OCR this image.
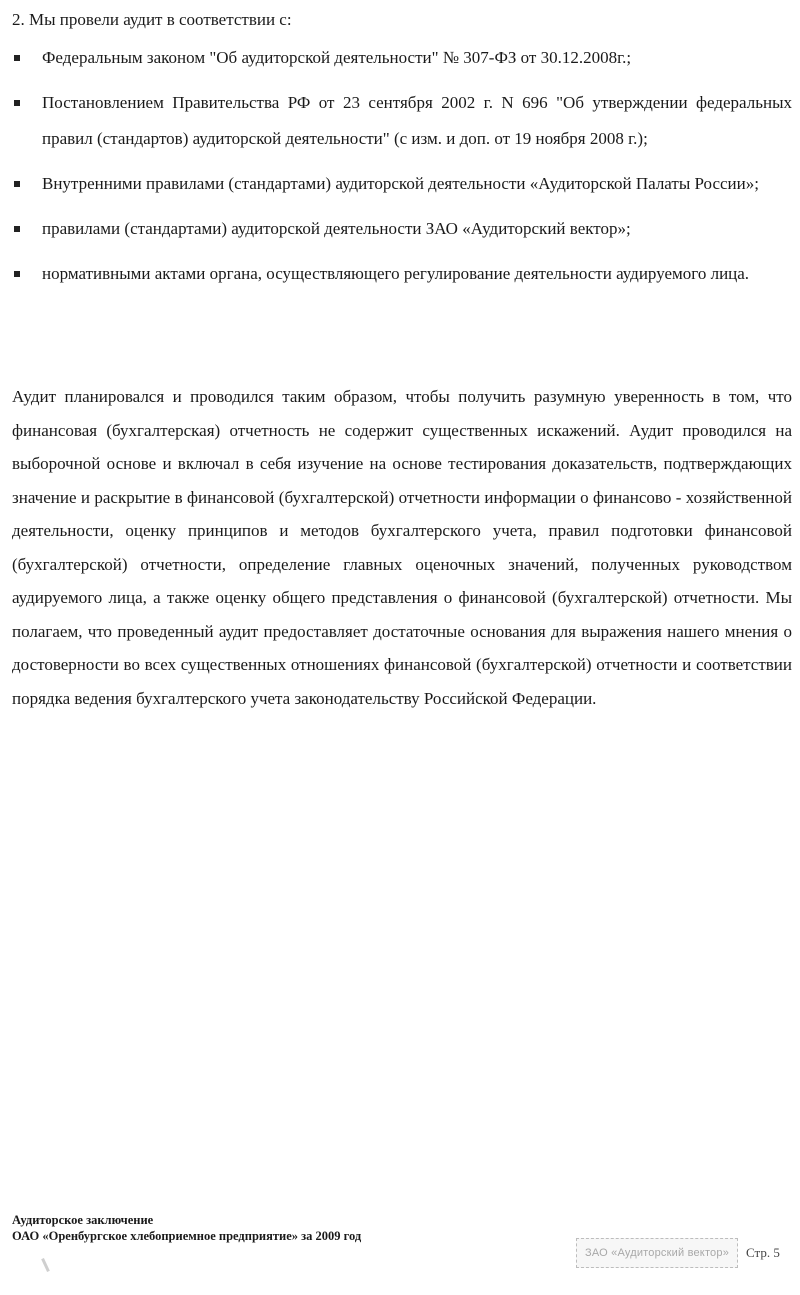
2. Мы провели аудит в соответствии с:

Федеральным законом "Об аудиторской деятельности" № 307-ФЗ от 30.12.2008г.;
Постановлением Правительства РФ от 23 сентября 2002 г. N 696 "Об утверждении федеральных правил (стандартов) аудиторской деятельности" (с изм. и доп. от 19 ноября 2008 г.);
Внутренними правилами (стандартами) аудиторской деятельности «Аудиторской Палаты России»;
правилами (стандартами) аудиторской деятельности ЗАО «Аудиторский вектор»;
нормативными актами органа, осуществляющего регулирование деятельности аудируемого лица.

Аудит планировался и проводился таким образом, чтобы получить разумную уверенность в том, что финансовая (бухгалтерская) отчетность не содержит существенных искажений. Аудит проводился на выборочной основе и включал в себя изучение на основе тестирования доказательств, подтверждающих значение и раскрытие в финансовой (бухгалтерской) отчетности информации о финансово - хозяйственной деятельности, оценку принципов и методов бухгалтерского учета, правил подготовки финансовой (бухгалтерской) отчетности, определение главных оценочных значений, полученных руководством аудируемого лица, а также оценку общего представления о финансовой (бухгалтерской) отчетности. Мы полагаем, что проведенный аудит предоставляет достаточные основания для выражения нашего мнения о достоверности во всех существенных отношениях финансовой (бухгалтерской) отчетности и соответствии порядка ведения бухгалтерского учета законодательству Российской Федерации.

Аудиторское заключение
ОАО «Оренбургское хлебоприемное предприятие» за 2009 год
ЗАО «Аудиторский вектор» Стр. 5
